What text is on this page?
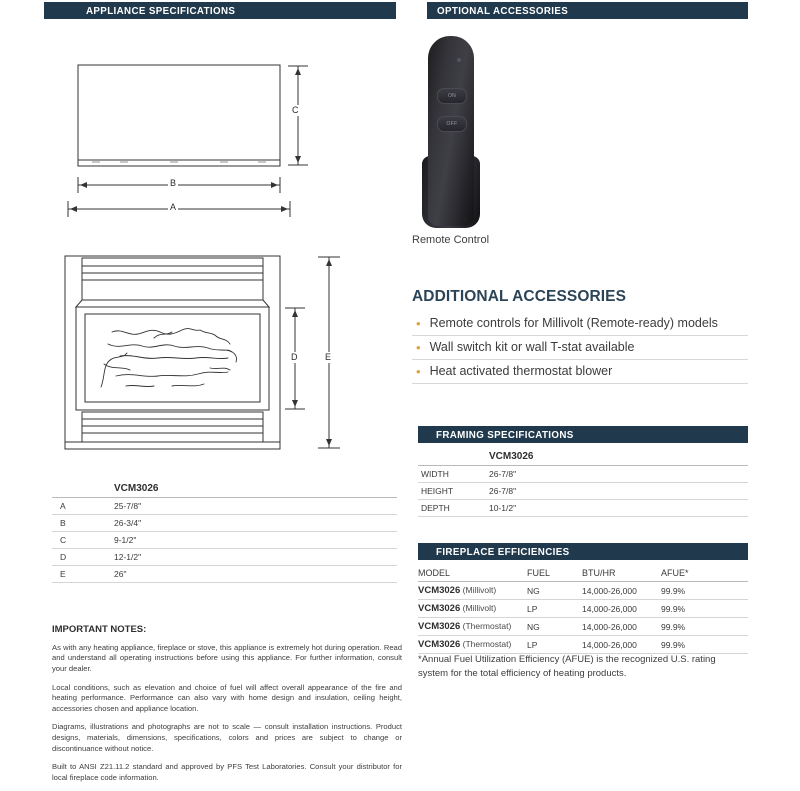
APPLIANCE SPECIFICATIONS	OPTIONAL ACCESSORIES
C
B
A
D	E
ON
OFF
Remote Control
ADDITIONAL ACCESSORIES
• Remote controls for Millivolt (Remote-ready) models
• Wall switch kit or wall T-stat available
• Heat activated thermostat blower
	VCM3026
A	25-7/8"
B	26-3/4"
C	9-1/2"
D	12-1/2"
E	26"
FRAMING SPECIFICATIONS
	VCM3026
WIDTH	26-7/8"
HEIGHT	26-7/8"
DEPTH	10-1/2"
FIREPLACE EFFICIENCIES
MODEL	FUEL	BTU/HR	AFUE*
VCM3026 (Millivolt)	NG	14,000-26,000	99.9%
VCM3026 (Millivolt)	LP	14,000-26,000	99.9%
VCM3026 (Thermostat)	NG	14,000-26,000	99.9%
VCM3026 (Thermostat)	LP	14,000-26,000	99.9%
*Annual Fuel Utilization Efficiency (AFUE) is the recognized U.S. rating system for the total efficiency of heating products.
IMPORTANT NOTES:

As with any heating appliance, fireplace or stove, this appliance is extremely hot during operation. Read and understand all operating instructions before using this appliance. For further information, consult your dealer.

Local conditions, such as elevation and choice of fuel will affect overall appearance of the fire and heating performance. Performance can also vary with home design and insulation, ceiling height, accessories chosen and appliance location.

Diagrams, illustrations and photographs are not to scale — consult installation instructions. Product designs, materials, dimensions, specifications, colors and prices are subject to change or discontinuance without notice.

Built to ANSI Z21.11.2 standard and approved by PFS Test Laboratories. Consult your distributor for local fireplace code information.
